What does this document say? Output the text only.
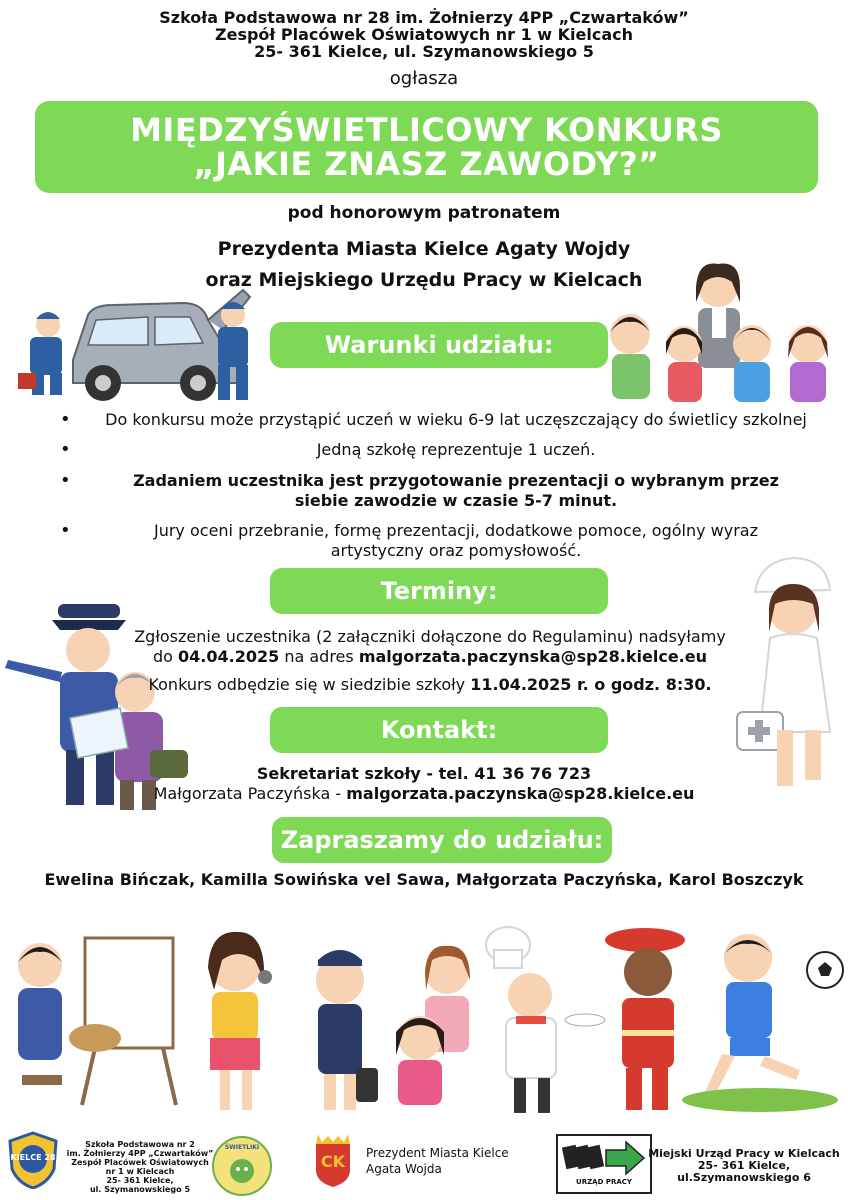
Szkoła Podstawowa nr 28 im. Żołnierzy 4PP „Czwartaków”
Zespół Placówek Oświatowych nr 1 w Kielcach
25- 361 Kielce, ul. Szymanowskiego 5
ogłasza
MIĘDZYŚWIETLICOWY KONKURS
„JAKIE ZNASZ ZAWODY?”
pod honorowym patronatem
Prezydenta Miasta Kielce Agaty Wojdy
oraz Miejskiego Urzędu Pracy w Kielcach
Warunki udziału:
•	Do konkursu może przystąpić uczeń w wieku 6-9 lat uczęszczający do świetlicy szkolnej
•	Jedną szkołę reprezentuje 1 uczeń.
•	Zadaniem uczestnika jest przygotowanie prezentacji o wybranym przez siebie zawodzie w czasie 5-7 minut.
•	Jury oceni przebranie, formę prezentacji, dodatkowe pomoce, ogólny wyraz artystyczny oraz pomysłowość.
Terminy:
Zgłoszenie uczestnika (2 załączniki dołączone do Regulaminu) nadsyłamy
do 04.04.2025 na adres malgorzata.paczynska@sp28.kielce.eu
Konkurs odbędzie się w siedzibie szkoły 11.04.2025 r. o godz. 8:30.
Kontakt:
Sekretariat szkoły - tel. 41 36 76 723
Małgorzata Paczyńska - malgorzata.paczynska@sp28.kielce.eu
Zapraszamy do udziału:
Ewelina Bińczak, Kamilla Sowińska vel Sawa, Małgorzata Paczyńska, Karol Boszczyk
KIELCE 28
Szkoła Podstawowa nr 2
im. Żołnierzy 4PP „Czwartaków”
Zespół Placówek Oświatowych
nr 1 w Kielcach
25- 361 Kielce,
ul. Szymanowskiego 5
ŚWIETLIKI
CK	Prezydent Miasta Kielce
Agata Wojda
URZĄD PRACY
Miejski Urząd Pracy w Kielcach
25- 361 Kielce,
ul.Szymanowskiego 6
